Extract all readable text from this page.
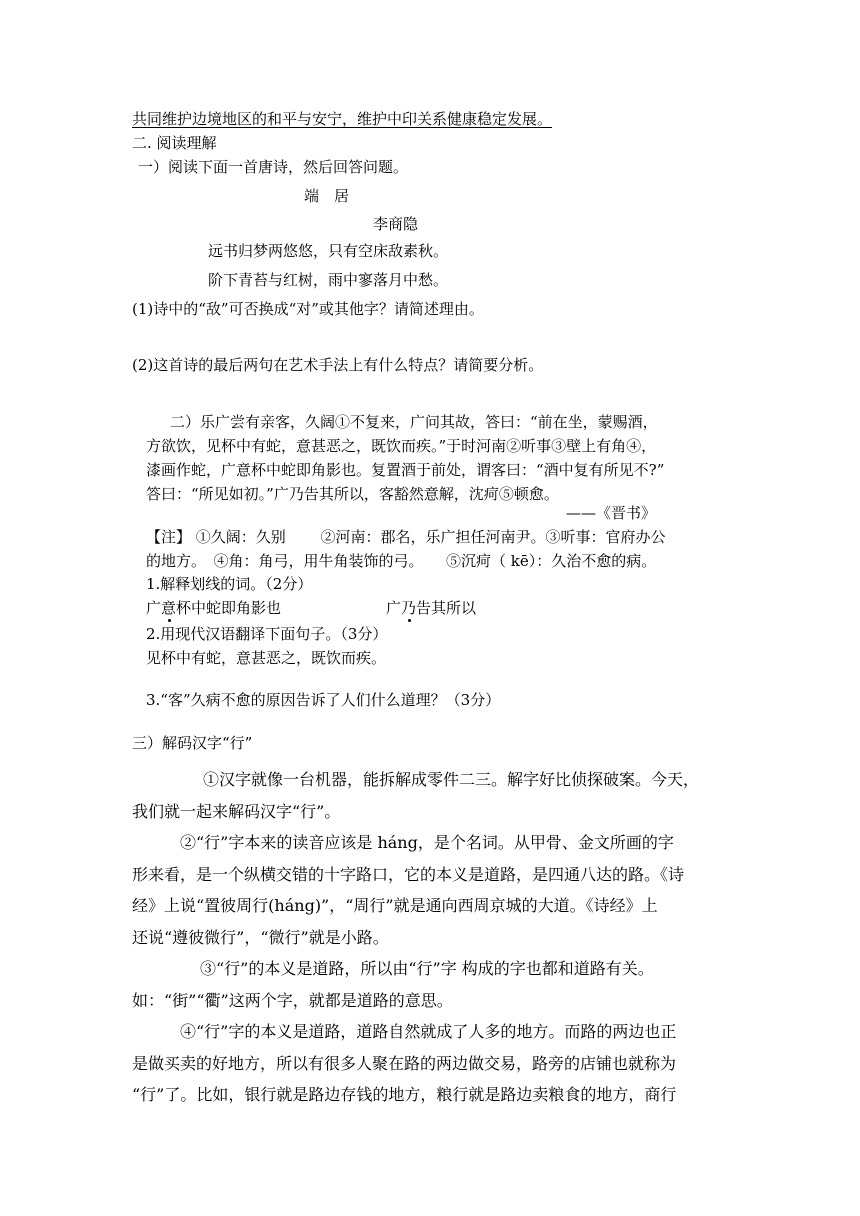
共同维护边境地区的和平与安宁，维护中印关系健康稳定发展。
二. 阅读理解
一）阅读下面一首唐诗，然后回答问题。
端　居
李商隐
远书归梦两悠悠，只有空床敌素秋。
阶下青苔与红树，雨中寥落月中愁。
(1)诗中的“敌”可否换成“对”或其他字？请简述理由。
(2)这首诗的最后两句在艺术手法上有什么特点？请简要分析。
二）乐广尝有亲客，久阔①不复来，广问其故，答曰：“前在坐，蒙赐酒，
方欲饮，见杯中有蛇，意甚恶之，既饮而疾。”于时河南②听事③壁上有角④，
漆画作蛇，广意杯中蛇即角影也。复置酒于前处，谓客曰：“酒中复有所见不?”
答曰：“所见如初。”广乃告其所以，客豁然意解，沈疴⑤顿愈。
——《晋书》
【注】 ①久阔：久别　　 ②河南：郡名，乐广担任河南尹。③听事：官府办公
的地方。　④角：角弓，用牛角装饰的弓。　　⑤沉疴（ kē）：久治不愈的病。
1.解释划线的词。（2分）
广意杯中蛇即角影也	广乃告其所以
2.用现代汉语翻译下面句子。（3分）
见杯中有蛇，意甚恶之，既饮而疾。
3.“客”久病不愈的原因告诉了人们什么道理？（3分）
三）解码汉字“行”
①汉字就像一台机器，能拆解成零件二三。解字好比侦探破案。今天，
我们就一起来解码汉字“行”。
②“行”字本来的读音应该是 háng，是个名词。从甲骨、金文所画的字
形来看，是一个纵横交错的十字路口，它的本义是道路，是四通八达的路。《诗
经》上说“置彼周行(háng)”，“周行”就是通向西周京城的大道。《诗经》上
还说“遵彼微行”，“微行”就是小路。
③“行”的本义是道路，所以由“行”字 构成的字也都和道路有关。
如：“街”“衢”这两个字，就都是道路的意思。
④“行”字的本义是道路，道路自然就成了人多的地方。而路的两边也正
是做买卖的好地方，所以有很多人聚在路的两边做交易，路旁的店铺也就称为
“行”了。比如，银行就是路边存钱的地方，粮行就是路边卖粮食的地方，商行
